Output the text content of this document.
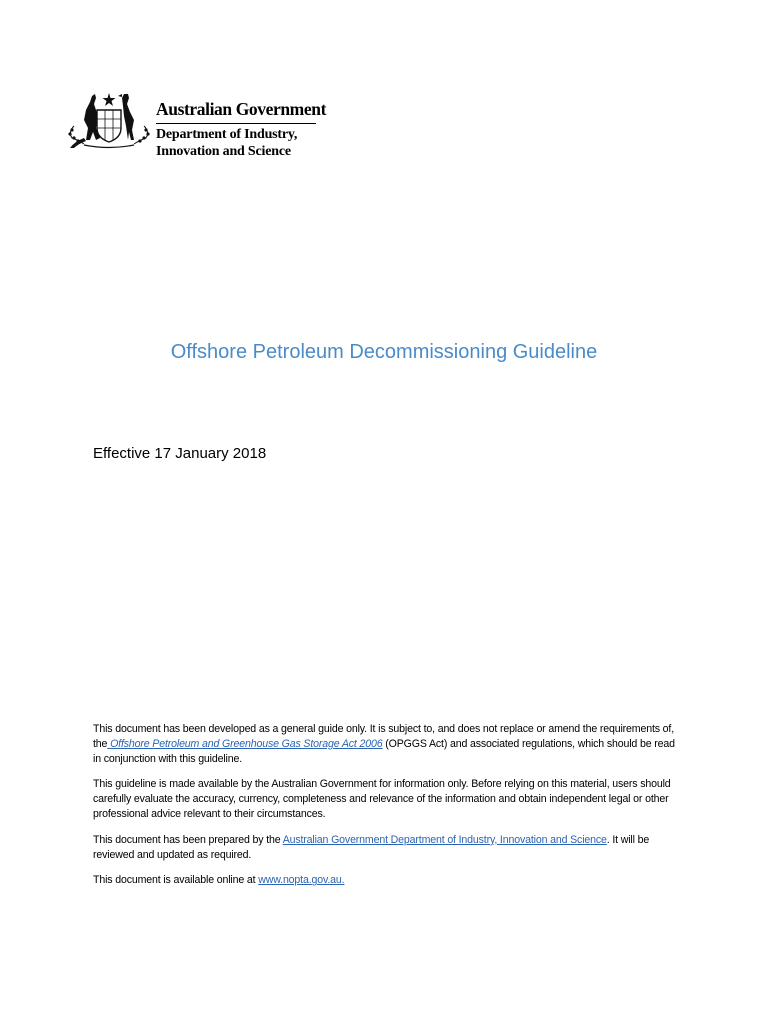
Australian Government
Department of Industry,
Innovation and Science
Offshore Petroleum Decommissioning Guideline
Effective 17 January 2018

This document has been developed as a general guide only. It is subject to, and does not replace or amend the requirements of, the Offshore Petroleum and Greenhouse Gas Storage Act 2006 (OPGGS Act) and associated regulations, which should be read in conjunction with this guideline.

This guideline is made available by the Australian Government for information only. Before relying on this material, users should carefully evaluate the accuracy, currency, completeness and relevance of the information and obtain independent legal or other professional advice relevant to their circumstances.

This document has been prepared by the Australian Government Department of Industry, Innovation and Science. It will be reviewed and updated as required.

This document is available online at www.nopta.gov.au.
